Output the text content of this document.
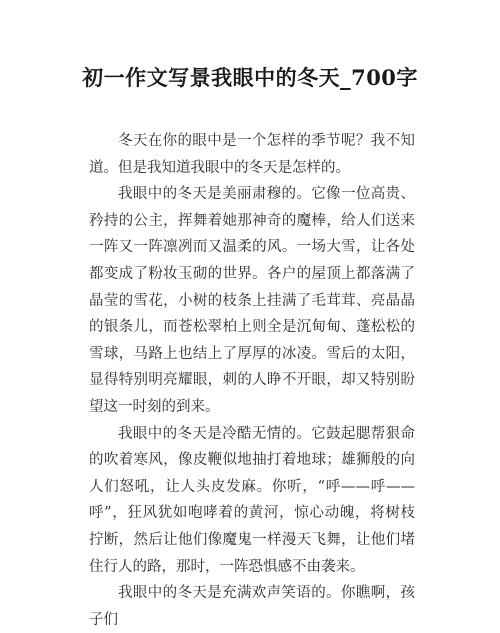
初一作文写景我眼中的冬天_700字

冬天在你的眼中是一个怎样的季节呢？我不知道。但是我知道我眼中的冬天是怎样的。

我眼中的冬天是美丽肃穆的。它像一位高贵、矜持的公主，挥舞着她那神奇的魔棒，给人们送来一阵又一阵凛冽而又温柔的风。一场大雪，让各处都变成了粉妆玉砌的世界。各户的屋顶上都落满了晶莹的雪花，小树的枝条上挂满了毛茸茸、亮晶晶的银条儿，而苍松翠柏上则全是沉甸甸、蓬松松的雪球，马路上也结上了厚厚的冰凌。雪后的太阳，显得特别明亮耀眼，刺的人睁不开眼，却又特别盼望这一时刻的到来。

我眼中的冬天是冷酷无情的。它鼓起腮帮狠命的吹着寒风，像皮鞭似地抽打着地球；雄狮般的向人们怒吼，让人头皮发麻。你听，“呼——呼——呼”，狂风犹如咆哮着的黄河，惊心动魄，将树枝拧断，然后让他们像魔鬼一样漫天飞舞，让他们堵住行人的路，那时，一阵恐惧感不由袭来。

我眼中的冬天是充满欢声笑语的。你瞧啊，孩子们
